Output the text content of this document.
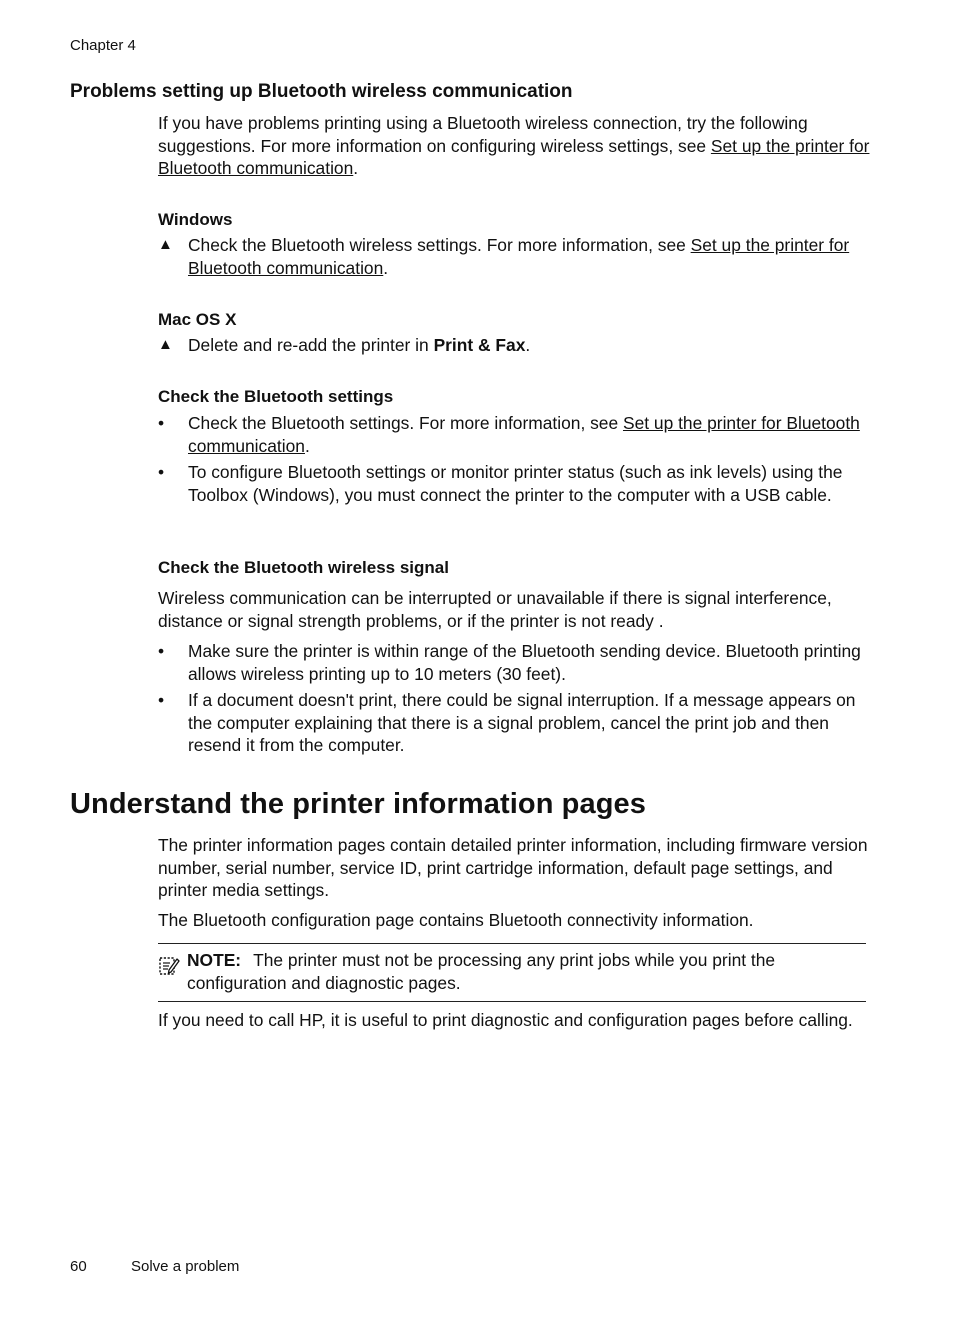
Chapter 4
Problems setting up Bluetooth wireless communication
If you have problems printing using a Bluetooth wireless connection, try the following suggestions. For more information on configuring wireless settings, see Set up the printer for Bluetooth communication.
Windows
▲ Check the Bluetooth wireless settings. For more information, see Set up the printer for Bluetooth communication.
Mac OS X
▲ Delete and re-add the printer in Print & Fax.
Check the Bluetooth settings
•	Check the Bluetooth settings. For more information, see Set up the printer for Bluetooth communication.
•	To configure Bluetooth settings or monitor printer status (such as ink levels) using the Toolbox (Windows), you must connect the printer to the computer with a USB cable.
Check the Bluetooth wireless signal
Wireless communication can be interrupted or unavailable if there is signal interference, distance or signal strength problems, or if the printer is not ready .
•	Make sure the printer is within range of the Bluetooth sending device. Bluetooth printing allows wireless printing up to 10 meters (30 feet).
•	If a document doesn't print, there could be signal interruption. If a message appears on the computer explaining that there is a signal problem, cancel the print job and then resend it from the computer.
Understand the printer information pages
The printer information pages contain detailed printer information, including firmware version number, serial number, service ID, print cartridge information, default page settings, and printer media settings.
The Bluetooth configuration page contains Bluetooth connectivity information.
NOTE: The printer must not be processing any print jobs while you print the configuration and diagnostic pages.
If you need to call HP, it is useful to print diagnostic and configuration pages before calling.
60	Solve a problem
